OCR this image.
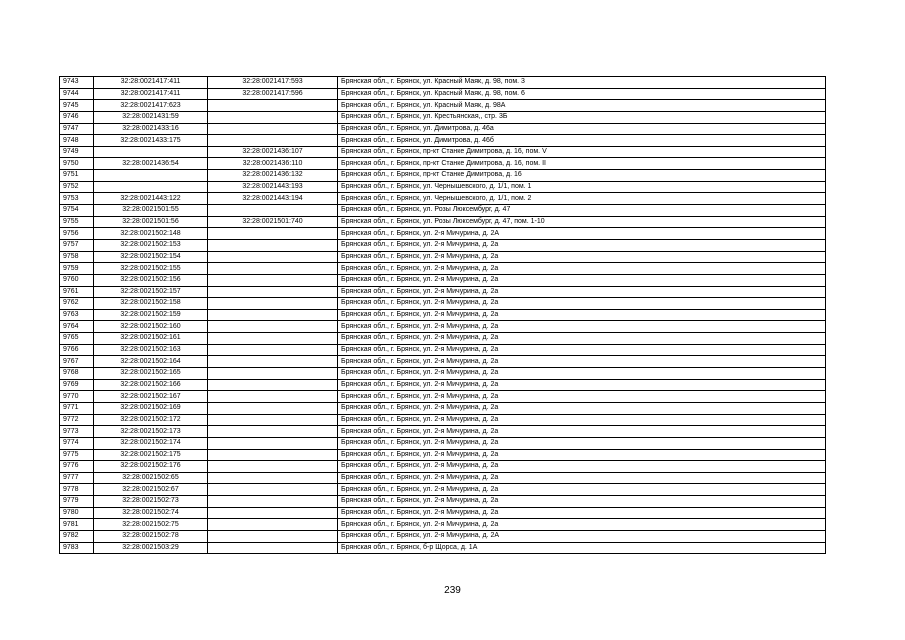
9743	32:28:0021417:411	32:28:0021417:593	Брянская обл., г. Брянск, ул. Красный Маяк, д. 98, пом. 3
9744	32:28:0021417:411	32:28:0021417:596	Брянская обл., г. Брянск, ул. Красный Маяк, д. 98, пом. 6
9745	32:28:0021417:623		Брянская обл., г. Брянск, ул. Красный Маяк, д. 98А
9746	32:28:0021431:59		Брянская обл., г. Брянск, ул. Крестьянская,, стр. 3Б
9747	32:28:0021433:16		Брянская обл., г. Брянск, ул. Димитрова, д. 46а
9748	32:28:0021433:175		Брянская обл., г. Брянск, ул. Димитрова, д. 46б
9749		32:28:0021436:107	Брянская обл., г. Брянск, пр-кт Станке Димитрова, д. 16, пом. V
9750	32:28:0021436:54	32:28:0021436:110	Брянская обл., г. Брянск, пр-кт Станке Димитрова, д. 16, пом. II
9751		32:28:0021436:132	Брянская обл., г. Брянск, пр-кт Станке Димитрова, д. 16
9752		32:28:0021443:193	Брянская обл., г. Брянск, ул. Чернышевского, д. 1/1, пом. 1
9753	32:28:0021443:122	32:28:0021443:194	Брянская обл., г. Брянск, ул. Чернышевского, д. 1/1, пом. 2
9754	32:28:0021501:55		Брянская обл., г. Брянск, ул. Розы Люксембург, д. 47
9755	32:28:0021501:56	32:28:0021501:740	Брянская обл., г. Брянск, ул. Розы Люксембург, д. 47, пом. 1-10
9756	32:28:0021502:148		Брянская обл., г. Брянск, ул. 2-я Мичурина, д. 2А
9757	32:28:0021502:153		Брянская обл., г. Брянск, ул. 2-я Мичурина, д. 2а
9758	32:28:0021502:154		Брянская обл., г. Брянск, ул. 2-я Мичурина, д. 2а
9759	32:28:0021502:155		Брянская обл., г. Брянск, ул. 2-я Мичурина, д. 2а
9760	32:28:0021502:156		Брянская обл., г. Брянск, ул. 2-я Мичурина, д. 2а
9761	32:28:0021502:157		Брянская обл., г. Брянск, ул. 2-я Мичурина, д. 2а
9762	32:28:0021502:158		Брянская обл., г. Брянск, ул. 2-я Мичурина, д. 2а
9763	32:28:0021502:159		Брянская обл., г. Брянск, ул. 2-я Мичурина, д. 2а
9764	32:28:0021502:160		Брянская обл., г. Брянск, ул. 2-я Мичурина, д. 2а
9765	32:28:0021502:161		Брянская обл., г. Брянск, ул. 2-я Мичурина, д. 2а
9766	32:28:0021502:163		Брянская обл., г. Брянск, ул. 2-я Мичурина, д. 2а
9767	32:28:0021502:164		Брянская обл., г. Брянск, ул. 2-я Мичурина, д. 2а
9768	32:28:0021502:165		Брянская обл., г. Брянск, ул. 2-я Мичурина, д. 2а
9769	32:28:0021502:166		Брянская обл., г. Брянск, ул. 2-я Мичурина, д. 2а
9770	32:28:0021502:167		Брянская обл., г. Брянск, ул. 2-я Мичурина, д. 2а
9771	32:28:0021502:169		Брянская обл., г. Брянск, ул. 2-я Мичурина, д. 2а
9772	32:28:0021502:172		Брянская обл., г. Брянск, ул. 2-я Мичурина, д. 2а
9773	32:28:0021502:173		Брянская обл., г. Брянск, ул. 2-я Мичурина, д. 2а
9774	32:28:0021502:174		Брянская обл., г. Брянск, ул. 2-я Мичурина, д. 2а
9775	32:28:0021502:175		Брянская обл., г. Брянск, ул. 2-я Мичурина, д. 2а
9776	32:28:0021502:176		Брянская обл., г. Брянск, ул. 2-я Мичурина, д. 2а
9777	32:28:0021502:65		Брянская обл., г. Брянск, ул. 2-я Мичурина, д. 2а
9778	32:28:0021502:67		Брянская обл., г. Брянск, ул. 2-я Мичурина, д. 2а
9779	32:28:0021502:73		Брянская обл., г. Брянск, ул. 2-я Мичурина, д. 2а
9780	32:28:0021502:74		Брянская обл., г. Брянск, ул. 2-я Мичурина, д. 2а
9781	32:28:0021502:75		Брянская обл., г. Брянск, ул. 2-я Мичурина, д. 2а
9782	32:28:0021502:78		Брянская обл., г. Брянск, ул. 2-я Мичурина, д. 2А
9783	32:28:0021503:29		Брянская обл., г. Брянск, б-р Щорса, д. 1А
239
